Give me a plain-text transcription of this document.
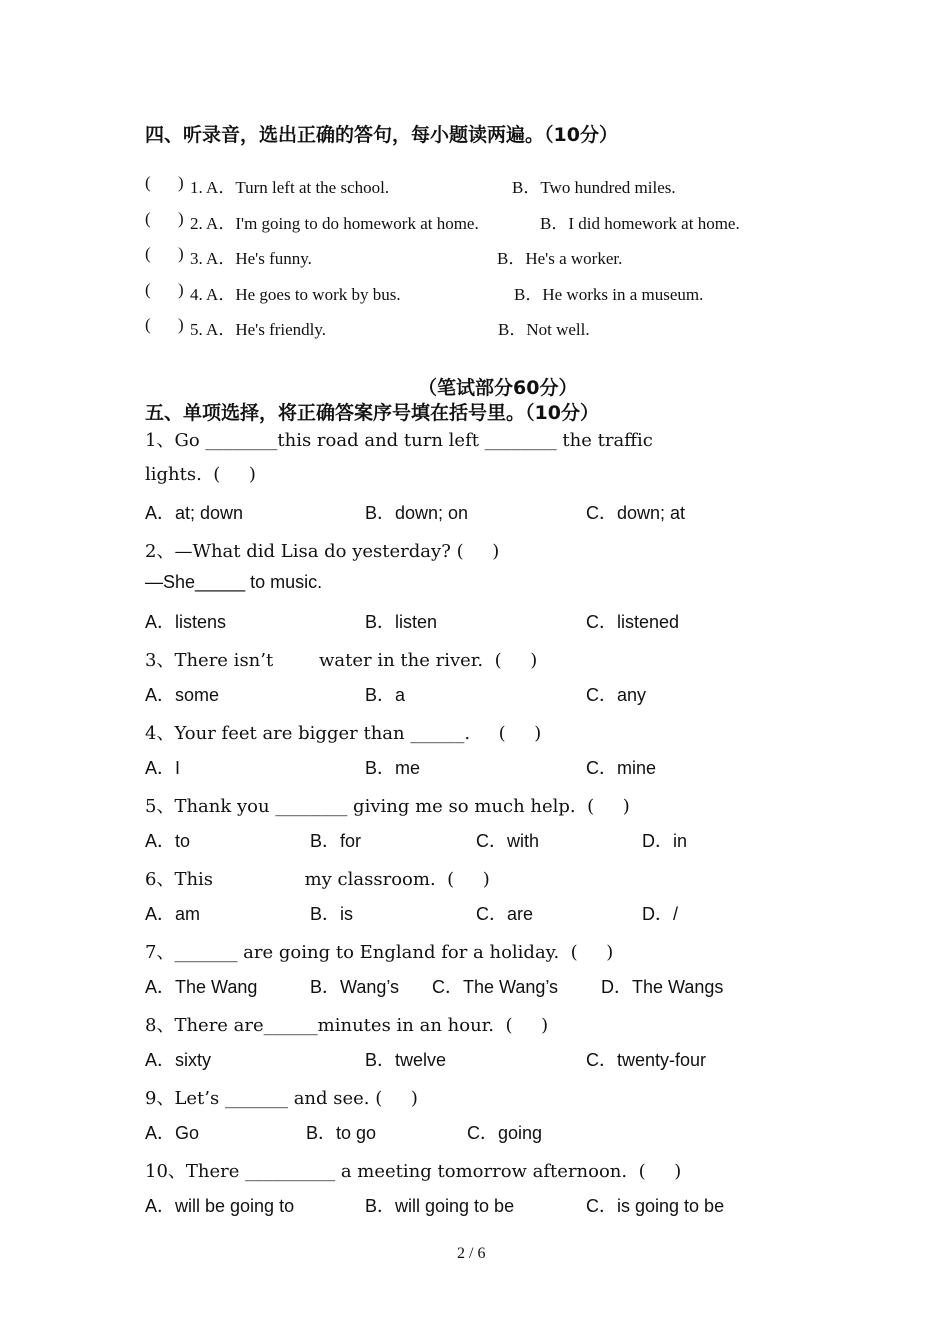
四、听录音，选出正确的答句，每小题读两遍。（10分）
( ) 1. A．Turn left at the school.	B．Two hundred miles.
( ) 2. A．I'm going to do homework at home.	B．I did homework at home.
( ) 3. A．He's funny.	B．He's a worker.
( ) 4. A．He goes to work by bus.	B．He works in a museum.
( ) 5. A．He's friendly.	B．Not well.
（笔试部分60分）
五、单项选择，将正确答案序号填在括号里。（10分）
1、Go ________this road and turn left ________ the traffic
lights.  (     )
A．at; down	B．down; on	C．down; at
2、—What did Lisa do yesterday? (     )
—She_____ to music.
A．listens	B．listen	C．listened
3、There isn’t        water in the river.  (     )
A．some	B．a	C．any
4、Your feet are bigger than ______.     (     )
A．I	B．me	C．mine
5、Thank you ________ giving me so much help.  (     )
A．to	B．for	C．with	D．in
6、This                my classroom.  (     )
A．am	B．is	C．are	D．/
7、_______ are going to England for a holiday.  (     )
A．The Wang	B．Wang’s C．The Wang’s D．The Wangs
8、There are______minutes in an hour.  (     )
A．sixty	B．twelve	C．twenty-four
9、Let’s _______ and see. (     )
A．Go	B．to go	C．going
10、There __________ a meeting tomorrow afternoon.  (     )
A．will be going to	B．will going to be	C．is going to be
2 / 6
